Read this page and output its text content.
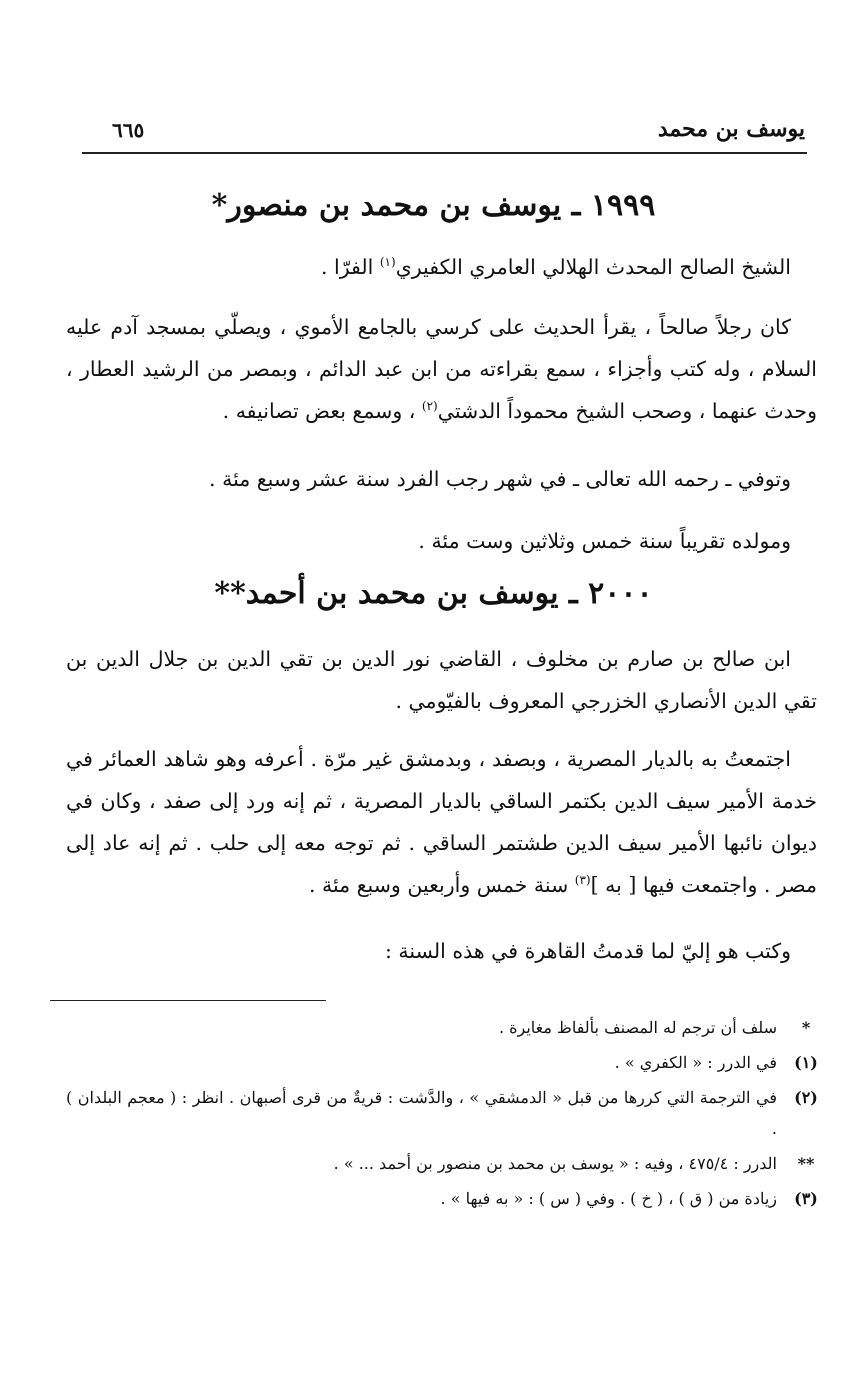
يوسف بن محمد
٦٦٥
١٩٩٩ ـ يوسف بن محمد بن منصور*

الشيخ الصالح المحدث الهلالي العامري الكفيري$^{(١)}$ الفرّا .

كان رجلاً صالحاً ، يقرأ الحديث على كرسي بالجامع الأموي ، ويصلّي بمسجد آدم عليه السلام ، وله كتب وأجزاء ، سمع بقراءته من ابن عبد الدائم ، وبمصر من الرشيد العطار ، وحدث عنهما ، وصحب الشيخ محموداً الدشتي$^{(٢)}$ ، وسمع بعض تصانيفه .

وتوفي ـ رحمه الله تعالى ـ في شهر رجب الفرد سنة عشر وسبع مئة .

ومولده تقريباً سنة خمس وثلاثين وست مئة .

٢٠٠٠ ـ يوسف بن محمد بن أحمد**

ابن صالح بن صارم بن مخلوف ، القاضي نور الدين بن تقي الدين بن جلال الدين بن تقي الدين الأنصاري الخزرجي المعروف بالفيّومي .

اجتمعتُ به بالديار المصرية ، وبصفد ، وبدمشق غير مرّة . أعرفه وهو شاهد العمائر في خدمة الأمير سيف الدين بكتمر الساقي بالديار المصرية ، ثم إنه ورد إلى صفد ، وكان في ديوان نائبها الأمير سيف الدين طشتمر الساقي . ثم توجه معه إلى حلب . ثم إنه عاد إلى مصر . واجتمعت فيها [ به ]$^{(٣)}$ سنة خمس وأربعين وسبع مئة .

وكتب هو إليّ لما قدمتُ القاهرة في هذه السنة :

*
سلف أن ترجم له المصنف بألفاظ مغايرة .
(١)
في الدرر : « الكفري » .
(٢)
في الترجمة التي كررها من قبل « الدمشقي » ، والدَّشت : قريةٌ من قرى أصبهان . انظر : ( معجم البلدان ) .
**
الدرر : ٤٧٥/٤ ، وفيه : « يوسف بن محمد بن منصور بن أحمد ... » .
(٣)
زيادة من ( ق ) ، ( خ ) . وفي ( س ) : « به فيها » .
